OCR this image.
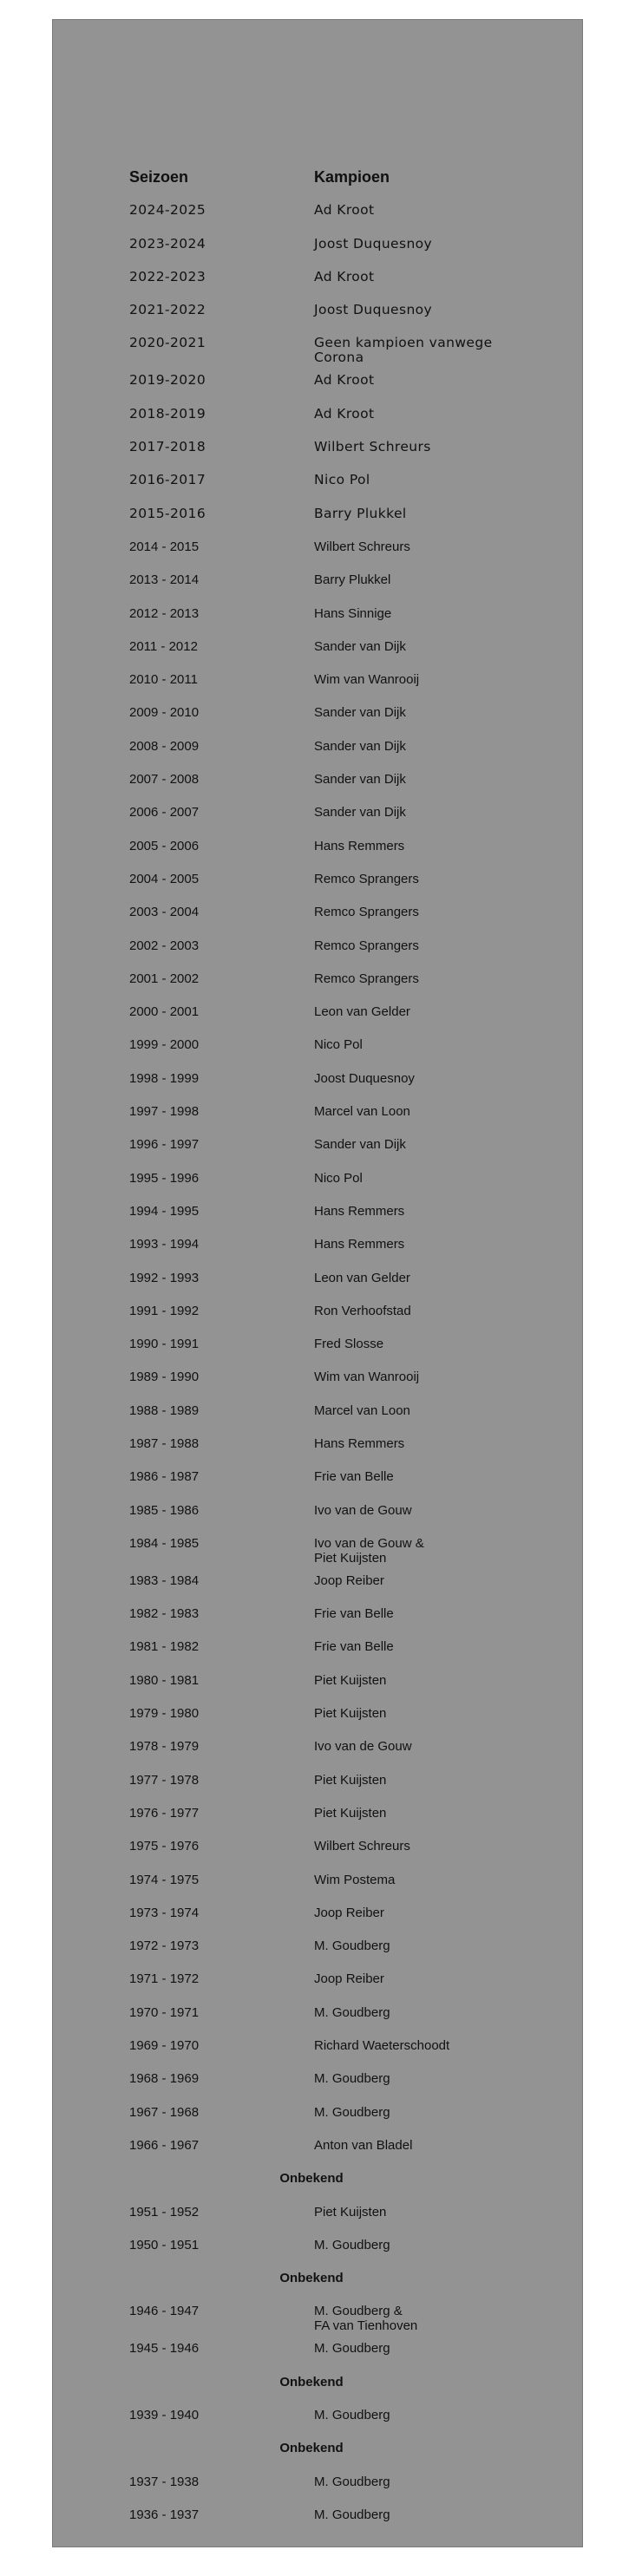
Seizoen	Kampioen
2024-2025	Ad Kroot
2023-2024	Joost Duquesnoy
2022-2023	Ad Kroot
2021-2022	Joost Duquesnoy
2020-2021	Geen kampioen vanwege
Corona
2019-2020	Ad Kroot
2018-2019	Ad Kroot
2017-2018	Wilbert Schreurs
2016-2017	Nico Pol
2015-2016	Barry Plukkel
2014 - 2015	Wilbert Schreurs
2013 - 2014	Barry Plukkel
2012 - 2013	Hans Sinnige
2011 - 2012	Sander van Dijk
2010 - 2011	Wim van Wanrooij
2009 - 2010	Sander van Dijk
2008 - 2009	Sander van Dijk
2007 - 2008	Sander van Dijk
2006 - 2007	Sander van Dijk
2005 - 2006	Hans Remmers
2004 - 2005	Remco Sprangers
2003 - 2004	Remco Sprangers
2002 - 2003	Remco Sprangers
2001 - 2002	Remco Sprangers
2000 - 2001	Leon van Gelder
1999 - 2000	Nico Pol
1998 - 1999	Joost Duquesnoy
1997 - 1998	Marcel van Loon
1996 - 1997	Sander van Dijk
1995 - 1996	Nico Pol
1994 - 1995	Hans Remmers
1993 - 1994	Hans Remmers
1992 - 1993	Leon van Gelder
1991 - 1992	Ron Verhoofstad
1990 - 1991	Fred Slosse
1989 - 1990	Wim van Wanrooij
1988 - 1989	Marcel van Loon
1987 - 1988	Hans Remmers
1986 - 1987	Frie van Belle
1985 - 1986	Ivo van de Gouw
1984 - 1985	Ivo van de Gouw &
Piet Kuijsten
1983 - 1984	Joop Reiber
1982 - 1983	Frie van Belle
1981 - 1982	Frie van Belle
1980 - 1981	Piet Kuijsten
1979 - 1980	Piet Kuijsten
1978 - 1979	Ivo van de Gouw
1977 - 1978	Piet Kuijsten
1976 - 1977	Piet Kuijsten
1975 - 1976	Wilbert Schreurs
1974 - 1975	Wim Postema
1973 - 1974	Joop Reiber
1972 - 1973	M. Goudberg
1971 - 1972	Joop Reiber
1970 - 1971	M. Goudberg
1969 - 1970	Richard Waeterschoodt
1968 - 1969	M. Goudberg
1967 - 1968	M. Goudberg
1966 - 1967	Anton van Bladel
Onbekend	
1951 - 1952	Piet Kuijsten
1950 - 1951	M. Goudberg
Onbekend	
1946 - 1947	M. Goudberg &
FA van Tienhoven
1945 - 1946	M. Goudberg
Onbekend	
1939 - 1940	M. Goudberg
Onbekend	
1937 - 1938	M. Goudberg
1936 - 1937	M. Goudberg
